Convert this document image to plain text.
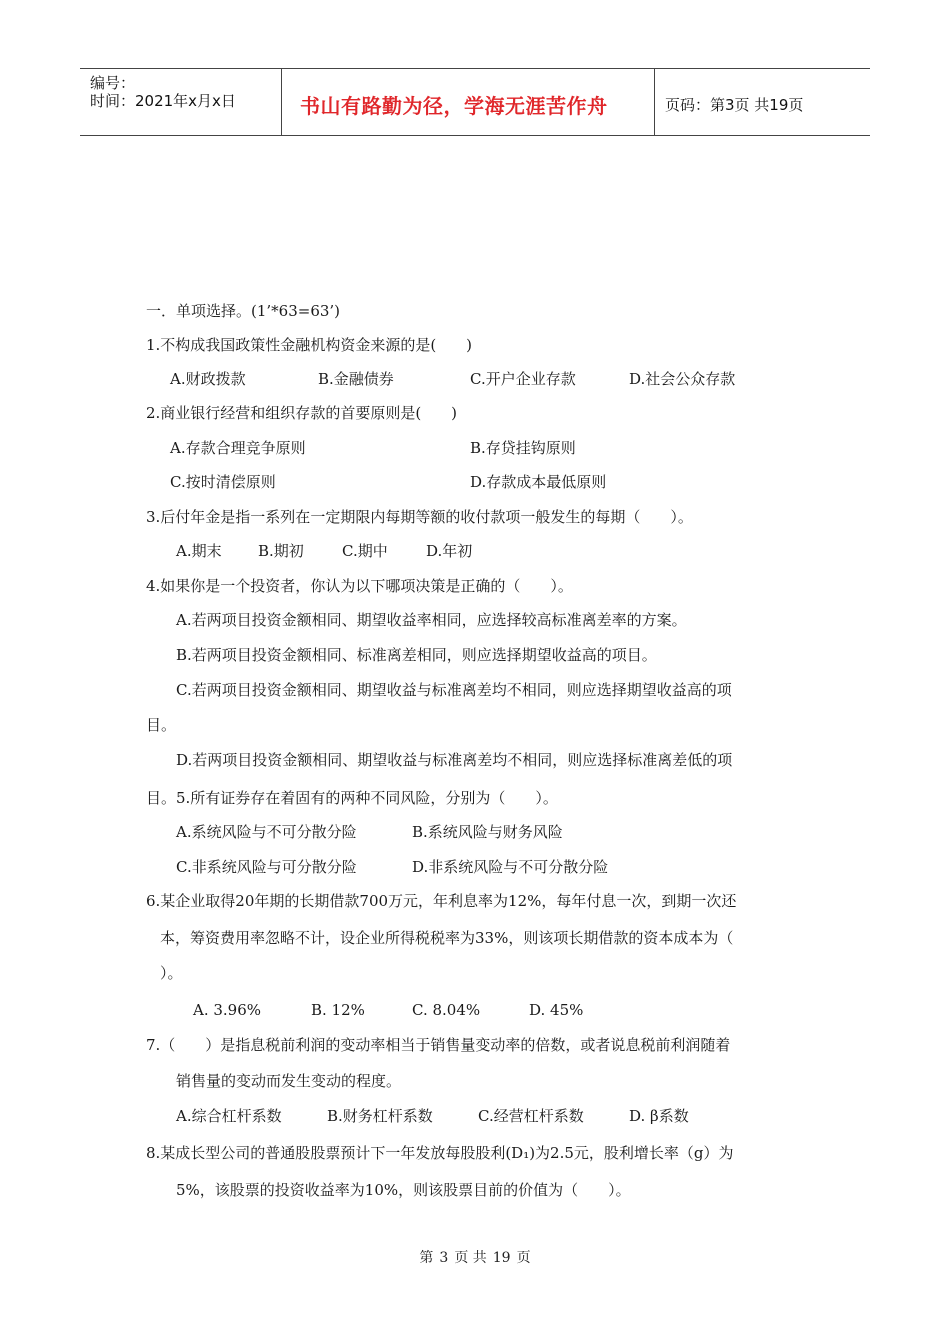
编号：
时间：2021年x月x日	书山有路勤为径，学海无涯苦作舟	页码：第3页 共19页
一．单项选择。(1’*63=63’)
1.不构成我国政策性金融机构资金来源的是(　　)
A.财政拨款	B.金融债券	C.开户企业存款	D.社会公众存款
2.商业银行经营和组织存款的首要原则是(　　)
A.存款合理竞争原则	B.存贷挂钩原则
C.按时清偿原则	D.存款成本最低原则
3.后付年金是指一系列在一定期限内每期等额的收付款项一般发生的每期（　　）。
A.期末 B.期初	C.期中	D.年初
4.如果你是一个投资者，你认为以下哪项决策是正确的（　　）。
A.若两项目投资金额相同、期望收益率相同，应选择较高标准离差率的方案。
B.若两项目投资金额相同、标准离差相同，则应选择期望收益高的项目。
C.若两项目投资金额相同、期望收益与标准离差均不相同，则应选择期望收益高的项
目。
D.若两项目投资金额相同、期望收益与标准离差均不相同，则应选择标准离差低的项
目。5.所有证券存在着固有的两种不同风险，分别为（　　）。
A.系统风险与不可分散分险	B.系统风险与财务风险
C.非系统风险与可分散分险	D.非系统风险与不可分散分险
6.某企业取得20年期的长期借款700万元，年利息率为12%，每年付息一次，到期一次还
本，筹资费用率忽略不计，设企业所得税税率为33%，则该项长期借款的资本成本为（
）。
A. 3.96%	B. 12%	C. 8.04%	D. 45%
7.（　　）是指息税前利润的变动率相当于销售量变动率的倍数，或者说息税前利润随着
销售量的变动而发生变动的程度。
A.综合杠杆系数	B.财务杠杆系数	C.经营杠杆系数	D. β系数
8.某成长型公司的普通股股票预计下一年发放每股股利(D₁)为2.5元，股利增长率（g）为
5%，该股票的投资收益率为10%，则该股票目前的价值为（　　）。
第 3 页 共 19 页
